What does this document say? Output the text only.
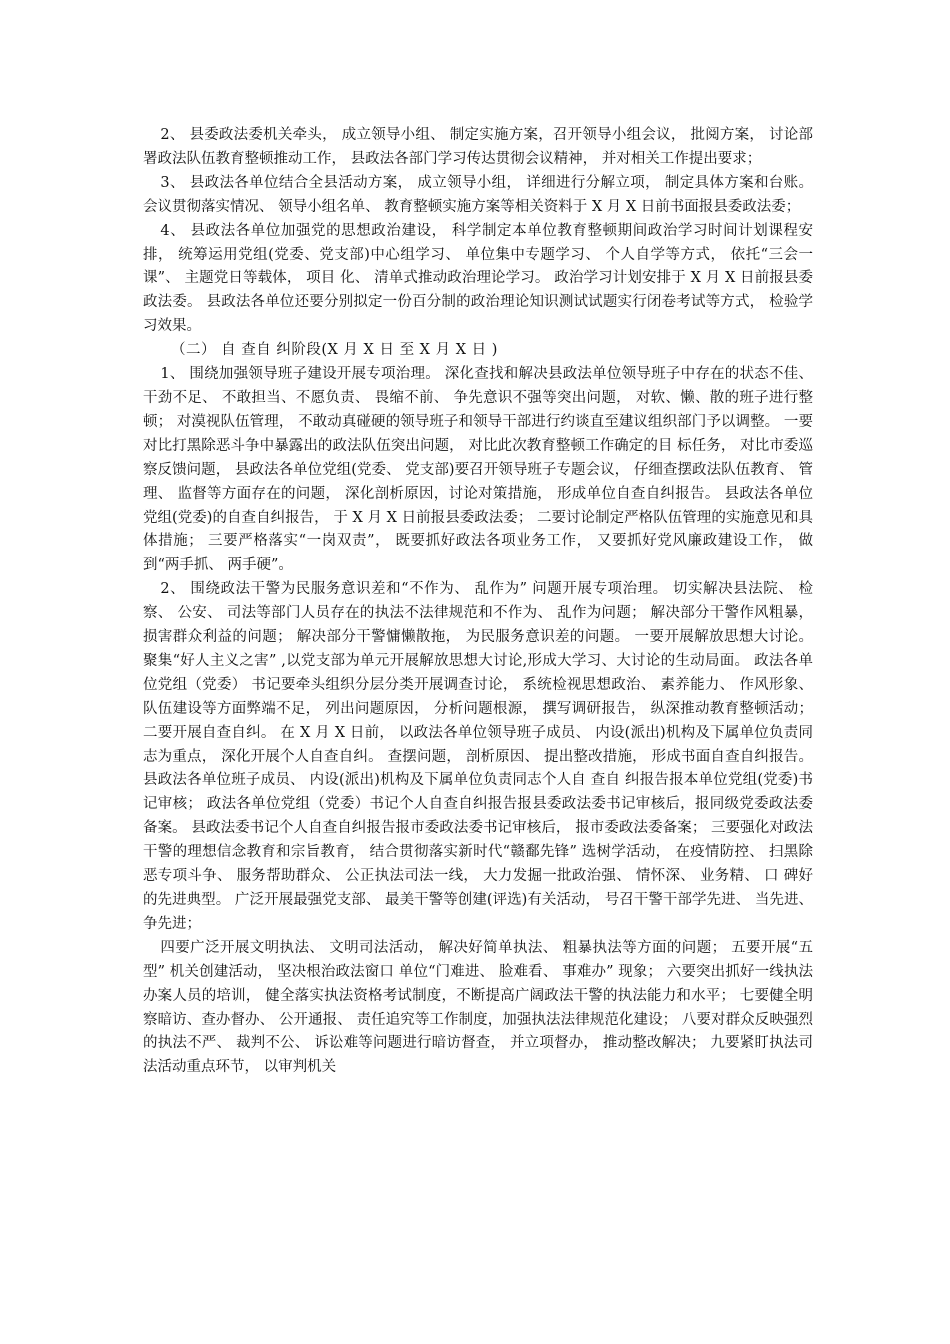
2、 县委政法委机关牵头， 成立领导小组、 制定实施方案，召开领导小组会议， 批阅方案， 讨论部署政法队伍教育整顿推动工作， 县政法各部门学习传达贯彻会议精神， 并对相关工作提出要求；

3、 县政法各单位结合全县活动方案， 成立领导小组， 详细进行分解立项， 制定具体方案和台账。 会议贯彻落实情况、 领导小组名单、 教育整顿实施方案等相关资料于 X 月 X 日前书面报县委政法委；

4、 县政法各单位加强党的思想政治建设， 科学制定本单位教育整顿期间政治学习时间计划课程安排， 统筹运用党组(党委、党支部)中心组学习、 单位集中专题学习、 个人自学等方式， 依托“三会一课”、 主题党日等载体， 项目 化、 清单式推动政治理论学习。 政治学习计划安排于 X 月 X 日前报县委政法委。 县政法各单位还要分别拟定一份百分制的政治理论知识测试试题实行闭卷考试等方式， 检验学习效果。

（二） 自 查自 纠阶段(X 月 X 日 至 X 月 X 日 )

1、 围绕加强领导班子建设开展专项治理。 深化查找和解决县政法单位领导班子中存在的状态不佳、 干劲不足、 不敢担当、不愿负责、 畏缩不前、 争先意识不强等突出问题， 对软、懒、散的班子进行整顿； 对漠视队伍管理， 不敢动真碰硬的领导班子和领导干部进行约谈直至建议组织部门予以调整。 一要对比打黑除恶斗争中暴露出的政法队伍突出问题， 对比此次教育整顿工作确定的目 标任务， 对比市委巡察反馈问题， 县政法各单位党组(党委、 党支部)要召开领导班子专题会议， 仔细查摆政法队伍教育、 管理、 监督等方面存在的问题， 深化剖析原因，讨论对策措施， 形成单位自查自纠报告。 县政法各单位党组(党委)的自查自纠报告， 于 X 月 X 日前报县委政法委； 二要讨论制定严格队伍管理的实施意见和具体措施； 三要严格落实“一岗双责”， 既要抓好政法各项业务工作， 又要抓好党风廉政建设工作， 做到“两手抓、 两手硬”。

2、 围绕政法干警为民服务意识差和“不作为、 乱作为” 问题开展专项治理。 切实解决县法院、 检察、 公安、 司法等部门人员存在的执法不法律规范和不作为、 乱作为问题； 解决部分干警作风粗暴， 损害群众利益的问题； 解决部分干警慵懒散拖， 为民服务意识差的问题。 一要开展解放思想大讨论。 聚集“好人主义之害” ,以党支部为单元开展解放思想大讨论,形成大学习、大讨论的生动局面。 政法各单位党组（党委） 书记要牵头组织分层分类开展调查讨论， 系统检视思想政治、 素养能力、 作风形象、 队伍建设等方面弊端不足， 列出问题原因， 分析问题根源， 撰写调研报告， 纵深推动教育整顿活动； 二要开展自查自纠。 在 X 月 X 日前， 以政法各单位领导班子成员、 内设(派出)机构及下属单位负责同志为重点， 深化开展个人自查自纠。 查摆问题， 剖析原因、 提出整改措施， 形成书面自查自纠报告。县政法各单位班子成员、 内设(派出)机构及下属单位负责同志个人自 查自 纠报告报本单位党组(党委)书记审核； 政法各单位党组（党委）书记个人自查自纠报告报县委政法委书记审核后，报同级党委政法委备案。 县政法委书记个人自查自纠报告报市委政法委书记审核后， 报市委政法委备案； 三要强化对政法干警的理想信念教育和宗旨教育， 结合贯彻落实新时代“赣鄱先锋” 选树学活动， 在疫情防控、 扫黑除恶专项斗争、 服务帮助群众、 公正执法司法一线， 大力发掘一批政治强、 情怀深、 业务精、 口 碑好的先进典型。 广泛开展最强党支部、 最美干警等创建(评选)有关活动， 号召干警干部学先进、 当先进、 争先进；

四要广泛开展文明执法、 文明司法活动， 解决好简单执法、 粗暴执法等方面的问题； 五要开展“五型” 机关创建活动， 坚决根治政法窗口 单位“门难进、 脸难看、 事难办” 现象； 六要突出抓好一线执法办案人员的培训， 健全落实执法资格考试制度，不断提高广阔政法干警的执法能力和水平； 七要健全明察暗访、查办督办、 公开通报、 责任追究等工作制度，加强执法法律规范化建设； 八要对群众反映强烈的执法不严、 裁判不公、 诉讼难等问题进行暗访督查， 并立项督办， 推动整改解决； 九要紧盯执法司法活动重点环节， 以审判机关
